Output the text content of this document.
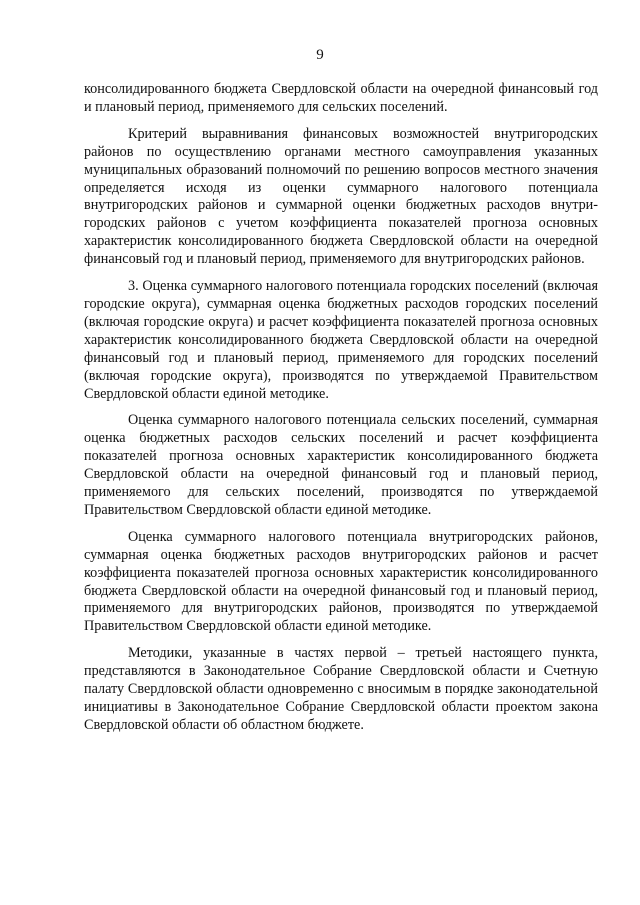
9

консолидированного бюджета Свердловской области на очередной финансовый год и плановый период, применяемого для сельских поселений.

Критерий выравнивания финансовых возможностей внутригородских районов по осуществлению органами местного самоуправления указанных муниципальных образований полномочий по решению вопросов местного значения определяется исходя из оценки суммарного налогового потенциала внутригородских районов и суммарной оценки бюджетных расходов внутригородских районов с учетом коэффициента показателей прогноза основных характеристик консолидированного бюджета Свердловской области на очередной финансовый год и плановый период, применяемого для внутригородских районов.

3. Оценка суммарного налогового потенциала городских поселений (включая городские округа), суммарная оценка бюджетных расходов городских поселений (включая городские округа) и расчет коэффициента показателей прогноза основных характеристик консолидированного бюджета Свердловской области на очередной финансовый год и плановый период, применяемого для городских поселений (включая городские округа), производятся по утверждаемой Правительством Свердловской области единой методике.

Оценка суммарного налогового потенциала сельских поселений, суммарная оценка бюджетных расходов сельских поселений и расчет коэффициента показателей прогноза основных характеристик консолидированного бюджета Свердловской области на очередной финансовый год и плановый период, применяемого для сельских поселений, производятся по утверждаемой Правительством Свердловской области единой методике.

Оценка суммарного налогового потенциала внутригородских районов, суммарная оценка бюджетных расходов внутригородских районов и расчет коэффициента показателей прогноза основных характеристик консолидированного бюджета Свердловской области на очередной финансовый год и плановый период, применяемого для внутригородских районов, производятся по утверждаемой Правительством Свердловской области единой методике.

Методики, указанные в частях первой – третьей настоящего пункта, представляются в Законодательное Собрание Свердловской области и Счетную палату Свердловской области одновременно с вносимым в порядке законодательной инициативы в Законодательное Собрание Свердловской области проектом закона Свердловской области об областном бюджете.
